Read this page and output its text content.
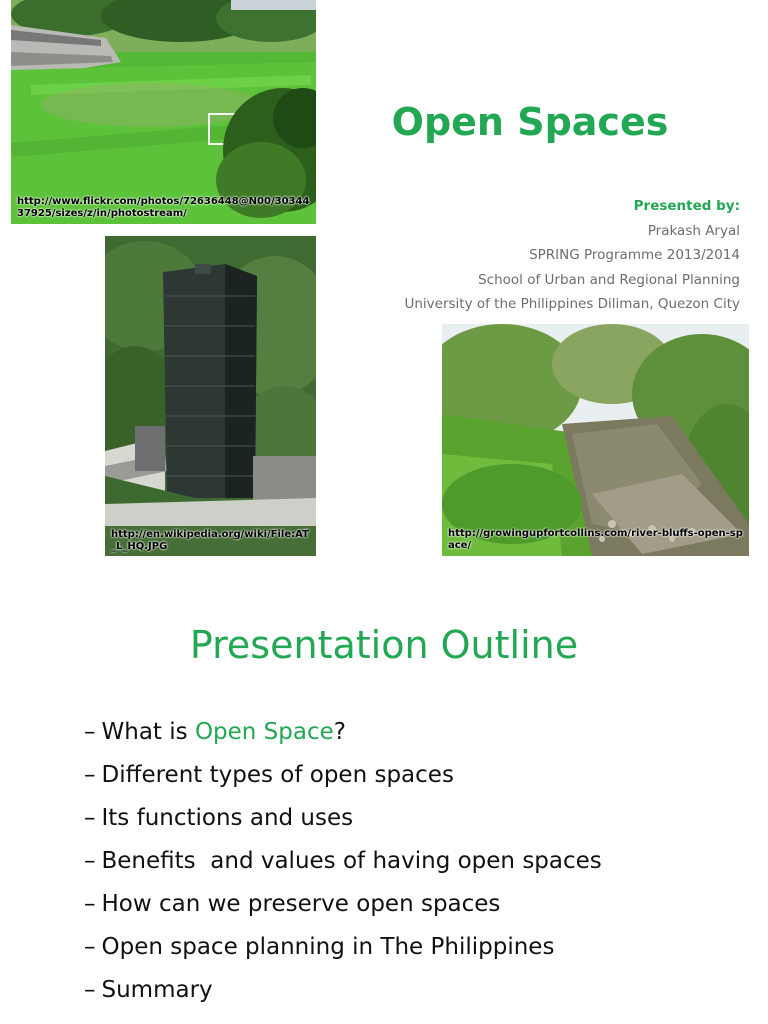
http://www.flickr.com/photos/72636448@N00/3034437925/sizes/z/in/photostream/
http://en.wikipedia.org/wiki/File:AT_L_HQ.JPG
Open Spaces
Presented by:
Prakash Aryal
SPRING Programme 2013/2014
School of Urban and Regional Planning
University of the Philippines Diliman, Quezon City
http://growingupfortcollins.com/river-bluffs-open-space/
Presentation Outline
– What is Open Space?
– Different types of open spaces
– Its functions and uses
– Benefits  and values of having open spaces
– How can we preserve open spaces
– Open space planning in The Philippines
– Summary
